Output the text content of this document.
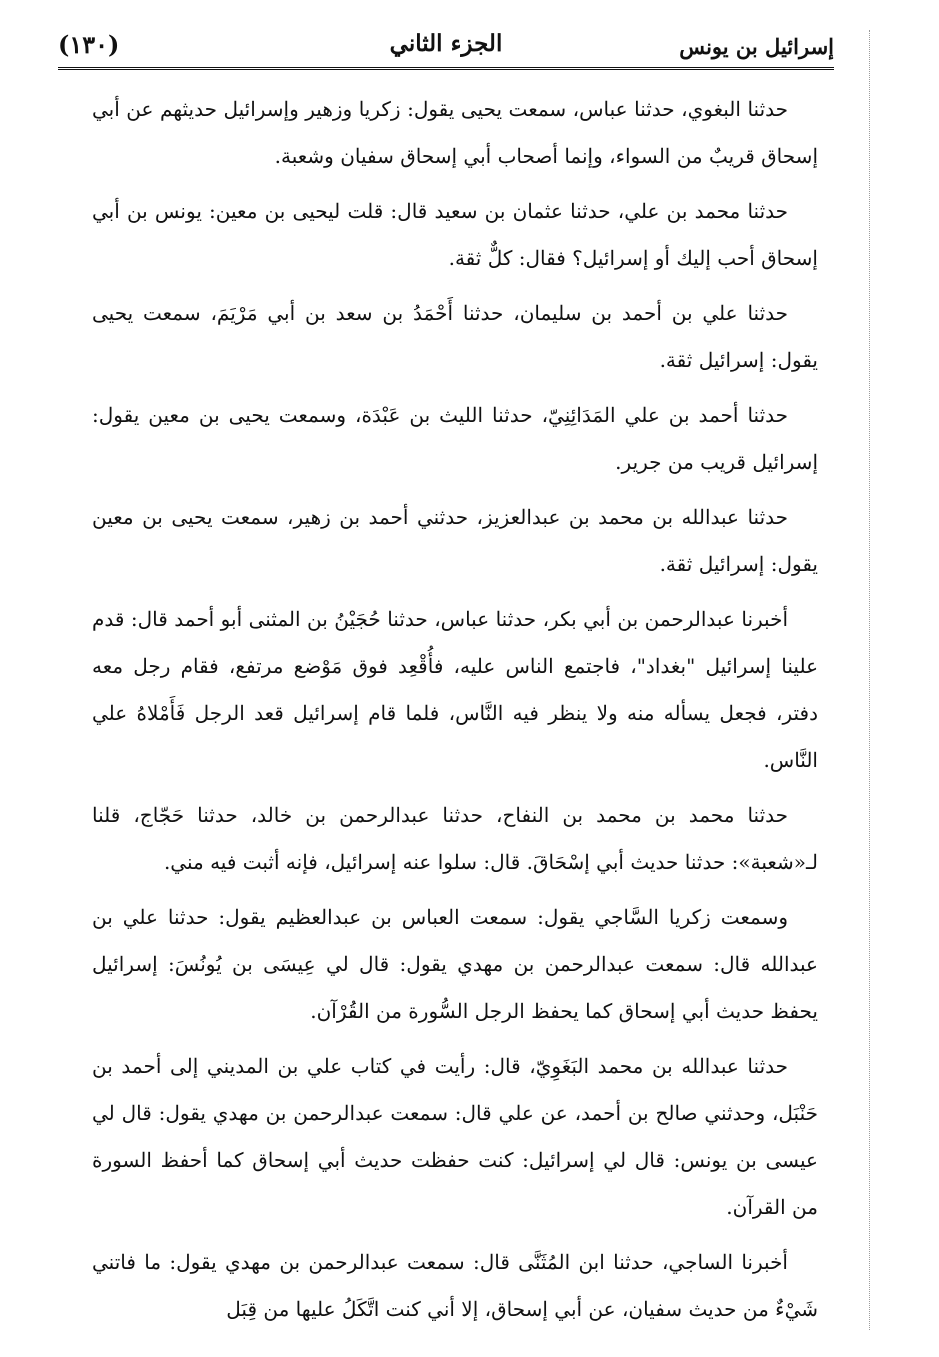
(١٣٠)	الجزء الثاني	إسرائيل بن يونس

حدثنا البغوي، حدثنا عباس، سمعت يحيى يقول: زكريا وزهير وإسرائيل حديثهم عن أبي إسحاق قريبٌ من السواء، وإنما أصحاب أبي إسحاق سفيان وشعبة.

حدثنا محمد بن علي، حدثنا عثمان بن سعيد قال: قلت ليحيى بن معين: يونس بن أبي إسحاق أحب إليك أو إسرائيل؟ فقال: كلٌّ ثقة.

حدثنا علي بن أحمد بن سليمان، حدثنا أَحْمَدُ بن سعد بن أبي مَرْيَمَ، سمعت يحيى يقول: إسرائيل ثقة.

حدثنا أحمد بن علي المَدَائِنِيّ، حدثنا الليث بن عَبْدَة، وسمعت يحيى بن معين يقول: إسرائيل قريب من جرير.

حدثنا عبدالله بن محمد بن عبدالعزيز، حدثني أحمد بن زهير، سمعت يحيى بن معين يقول: إسرائيل ثقة.

أخبرنا عبدالرحمن بن أبي بكر، حدثنا عباس، حدثنا حُجَيْنُ بن المثنى أبو أحمد قال: قدم علينا إسرائيل "بغداد"، فاجتمع الناس عليه، فأُقْعِد فوق مَوْضع مرتفع، فقام رجل معه دفتر، فجعل يسأله منه ولا ينظر فيه النَّاس، فلما قام إسرائيل قعد الرجل فَأَمْلاهُ علي النَّاس.

حدثنا محمد بن محمد بن النفاح، حدثنا عبدالرحمن بن خالد، حدثنا حَجّاج، قلنا لـ«شعبة»: حدثنا حديث أبي إسْحَاقَ. قال: سلوا عنه إسرائيل، فإنه أثبت فيه مني.

وسمعت زكريا السَّاجي يقول: سمعت العباس بن عبدالعظيم يقول: حدثنا علي بن عبدالله قال: سمعت عبدالرحمن بن مهدي يقول: قال لي عِيسَى بن يُونُسَ: إسرائيل يحفظ حديث أبي إسحاق كما يحفظ الرجل السُّورة من القُرْآن.

حدثنا عبدالله بن محمد البَغَوِيّ، قال: رأيت في كتاب علي بن المديني إلى أحمد بن حَنْبَل، وحدثني صالح بن أحمد، عن علي قال: سمعت عبدالرحمن بن مهدي يقول: قال لي عيسى بن يونس: قال لي إسرائيل: كنت حفظت حديث أبي إسحاق كما أحفظ السورة من القرآن.

أخبرنا الساجي، حدثنا ابن المُثَنَّى قال: سمعت عبدالرحمن بن مهدي يقول: ما فاتني شَيْءٌ من حديث سفيان، عن أبي إسحاق، إلا أني كنت اتَّكَلُ عليها من قِبَل
